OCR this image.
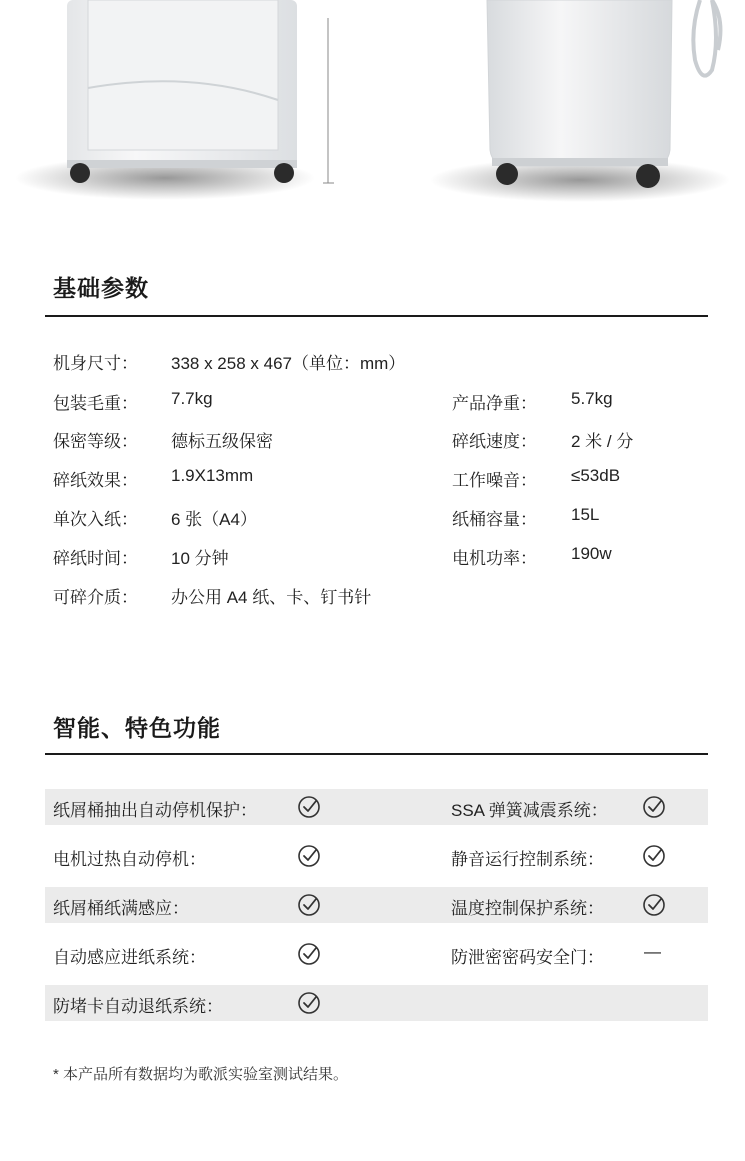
基础参数
机身尺寸： 338 x 258 x 467（单位：mm）
包装毛重： 7.7kg	产品净重： 5.7kg
保密等级： 德标五级保密	碎纸速度： 2 米 / 分
碎纸效果： 1.9X13mm	工作噪音： ≤53dB
单次入纸： 6 张（A4）	纸桶容量： 15L
碎纸时间： 10 分钟	电机功率： 190w
可碎介质： 办公用 A4 纸、卡、钉书针
智能、特色功能
纸屑桶抽出自动停机保护：	SSA 弹簧减震系统：
电机过热自动停机：	静音运行控制系统：
纸屑桶纸满感应：	温度控制保护系统：
自动感应进纸系统：	防泄密密码安全门： —
防堵卡自动退纸系统：
* 本产品所有数据均为歌派实验室测试结果。
